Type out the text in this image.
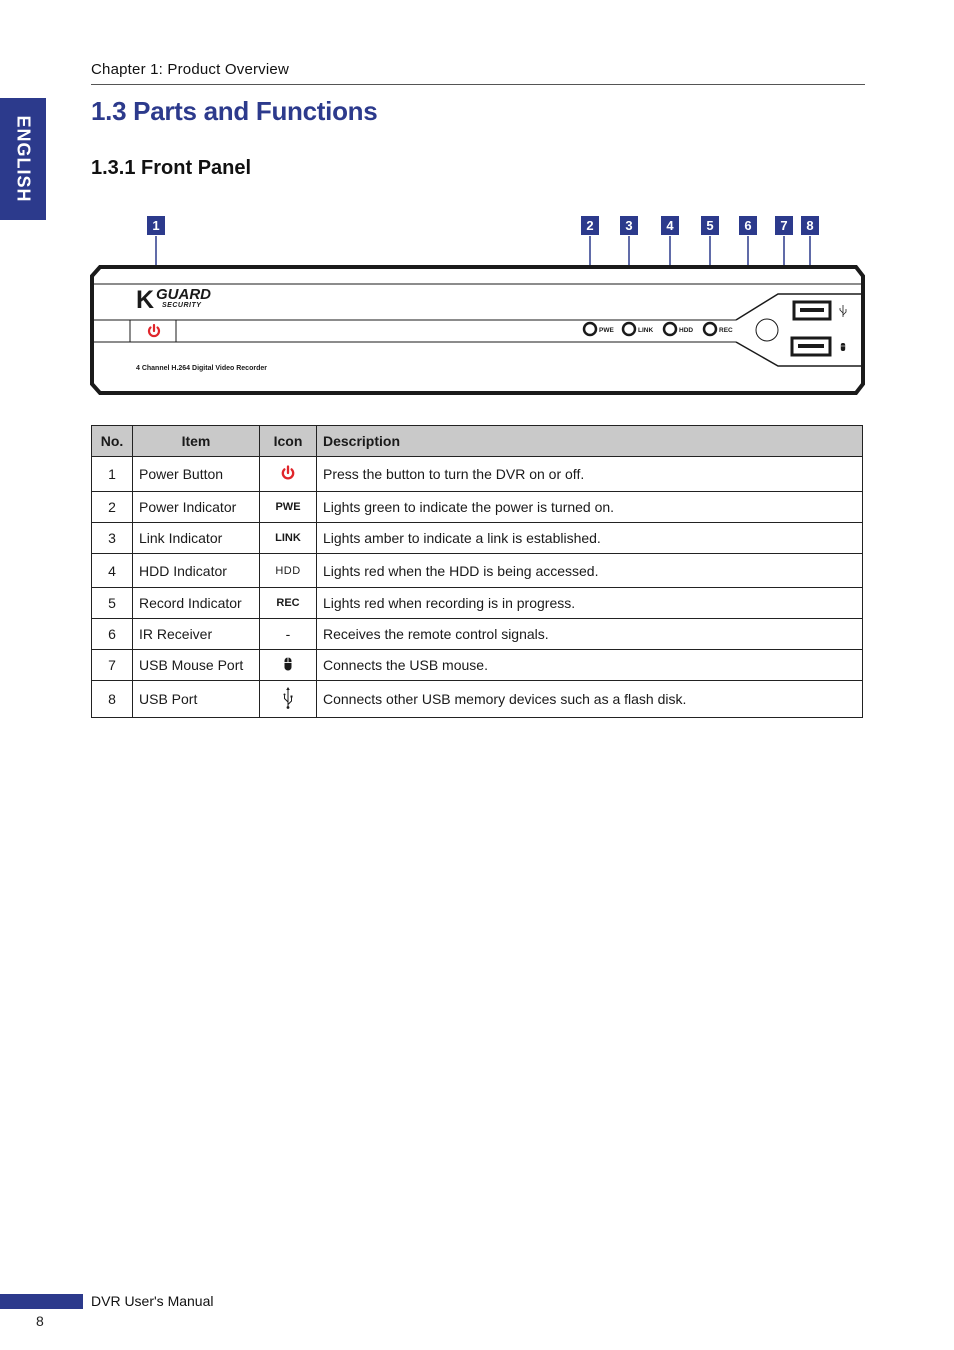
ENGLISH
Chapter 1: Product Overview
1.3 Parts and Functions
1.3.1 Front Panel
1	2 3	4	5 6 7 8
K GUARD
SECURITY
PWE	LINK	HDD	REC
4 Channel H.264 Digital Video Recorder
No.	Item	Icon	Description
1	Power Button		Press the button to turn the DVR on or off.
2	Power Indicator	PWE	Lights green to indicate the power is turned on.
3	Link Indicator	LINK	Lights amber to indicate a link is established.
4	HDD Indicator	HDD	Lights red when the HDD is being accessed.
5	Record Indicator	REC	Lights red when recording is in progress.
6	IR Receiver	-	Receives the remote control signals.
7	USB Mouse Port		Connects the USB mouse.
8	USB Port		Connects other USB memory devices such as a flash disk.
DVR User's Manual
8
